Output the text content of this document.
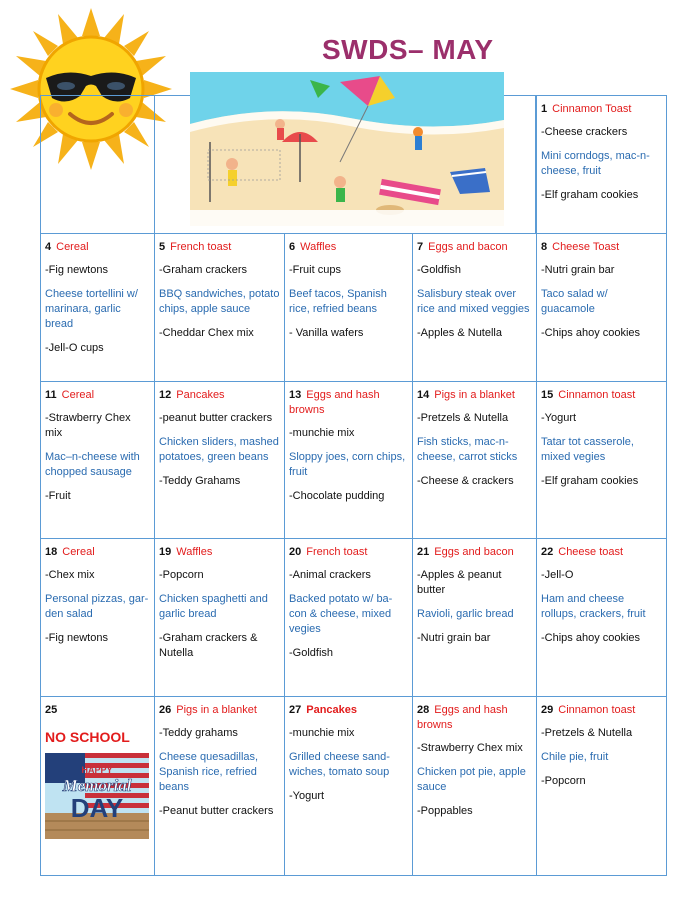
SWDS– MAY
1 Cinnamon Toast

-Cheese crackers

Mini corndogs, mac-n-cheese, fruit

-Elf graham cookies

4 Cereal

-Fig newtons

Cheese tortellini w/ marinara, garlic bread

-Jell-O cups

5 French toast

-Graham crackers

BBQ sandwiches, potato chips, apple sauce

-Cheddar Chex mix

6 Waffles

-Fruit cups

Beef tacos, Spanish rice, refried beans

- Vanilla wafers

7 Eggs and bacon

-Goldfish

Salisbury steak over rice and mixed veggies

-Apples & Nutella

8 Cheese Toast

-Nutri grain bar

Taco salad w/ guacamole

-Chips ahoy cookies

11 Cereal

-Strawberry Chex mix

Mac–n-cheese with chopped sausage

-Fruit

12 Pancakes

-peanut butter crackers

Chicken sliders, mashed potatoes, green beans

-Teddy Grahams

13 Eggs and hash browns

-munchie mix

Sloppy joes, corn chips, fruit

-Chocolate pudding

14 Pigs in a blanket

-Pretzels & Nutella

Fish sticks, mac-n-cheese, carrot sticks

-Cheese & crackers

15 Cinnamon toast

-Yogurt

Tatar tot casserole, mixed vegies

-Elf graham cookies

18 Cereal

-Chex mix

Personal pizzas, gar-den salad

-Fig newtons

19 Waffles

-Popcorn

Chicken spaghetti and garlic bread

-Graham crackers & Nutella

20 French toast

-Animal crackers

Backed potato w/ ba-con & cheese, mixed vegies

-Goldfish

21 Eggs and bacon

-Apples & peanut butter

Ravioli, garlic bread

-Nutri grain bar

22 Cheese toast

-Jell-O

Ham and cheese rollups, crackers, fruit

-Chips ahoy cookies

25
NO SCHOOL
HAPPY
Memorial
DAY
26 Pigs in a blanket

-Teddy grahams

Cheese quesadillas, Spanish rice, refried beans

-Peanut butter crackers

27 Pancakes

-munchie mix

Grilled cheese sand-wiches, tomato soup

-Yogurt

28 Eggs and hash browns

-Strawberry Chex mix

Chicken pot pie, apple sauce

-Poppables

29 Cinnamon toast

-Pretzels & Nutella

Chile pie, fruit

-Popcorn
